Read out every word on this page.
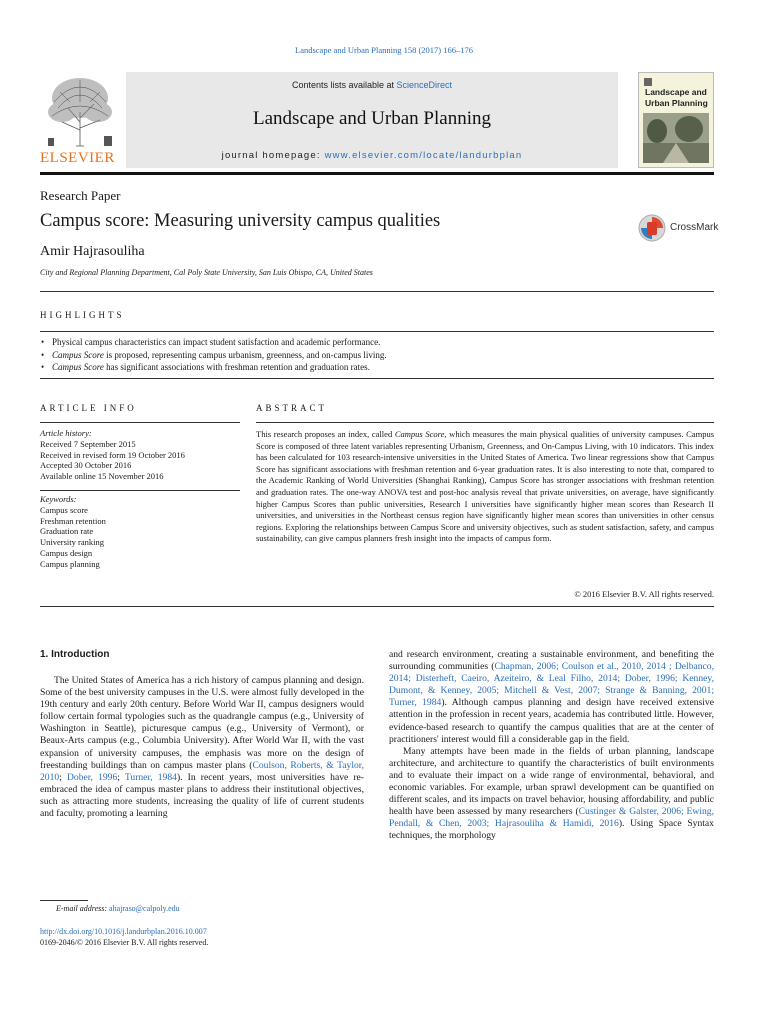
Landscape and Urban Planning 158 (2017) 166–176
ELSEVIER
Contents lists available at ScienceDirect
Landscape and Urban Planning
journal homepage: www.elsevier.com/locate/landurbplan
Landscape and
Urban Planning
Research Paper
Campus score: Measuring university campus qualities	CrossMark
Amir Hajrasouliha
City and Regional Planning Department, Cal Poly State University, San Luis Obispo, CA, United States
HIGHLIGHTS
• Physical campus characteristics can impact student satisfaction and academic performance.
• Campus Score is proposed, representing campus urbanism, greenness, and on-campus living.
• Campus Score has significant associations with freshman retention and graduation rates.
ARTICLE INFO	ABSTRACT
Article history:
Received 7 September 2015
Received in revised form 19 October 2016
Accepted 30 October 2016
Available online 15 November 2016
Keywords:
Campus score
Freshman retention
Graduation rate
University ranking
Campus design
Campus planning
This research proposes an index, called Campus Score, which measures the main physical qualities of university campuses. Campus Score is composed of three latent variables representing Urbanism, Greenness, and On-Campus Living, with 10 indicators. This index has been calculated for 103 research-intensive universities in the United States of America. Two linear regressions show that Campus Score has significant associations with freshman retention and 6-year graduation rates. It is also interesting to note that, compared to the Academic Ranking of World Universities (Shanghai Ranking), Campus Score has stronger associations with freshman retention and graduation rates. The one-way ANOVA test and post-hoc analysis reveal that private universities, on average, have significantly higher Campus Scores than public universities, Research I universities have significantly higher mean scores than Research II universities, and universities in the Northeast census region have significantly higher mean scores than universities in other census regions. Exploring the relationships between Campus Score and university objectives, such as student satisfaction, safety, and campus sustainability, can give campus planners fresh insight into the impacts of campus form.
© 2016 Elsevier B.V. All rights reserved.
1. Introduction

The United States of America has a rich history of campus planning and design. Some of the best university campuses in the U.S. were almost fully developed in the 19th century and early 20th century. Before World War II, campus designers would follow certain formal typologies such as the quadrangle campus (e.g., University of Washington in Seattle), picturesque campus (e.g., University of Vermont), or Beaux-Arts campus (e.g., Columbia University). After World War II, with the vast expansion of university campuses, the emphasis was more on the design of freestanding buildings than on campus master plans (Coulson, Roberts, & Taylor, 2010; Dober, 1996; Turner, 1984). In recent years, most universities have re-embraced the idea of campus master plans to address their institutional objectives, such as attracting more students, increasing the quality of life of current students and faculty, promoting a learning

and research environment, creating a sustainable environment, and benefiting the surrounding communities (Chapman, 2006; Coulson et al., 2010, 2014 ; Delbanco, 2014; Disterheft, Caeiro, Azeiteiro, & Leal Filho, 2014; Dober, 1996; Kenney, Dumont, & Kenney, 2005; Mitchell & Vest, 2007; Strange & Banning, 2001; Turner, 1984). Although campus planning and design have received extensive attention in the profession in recent years, academia has contributed little. However, evidence-based research to quantify the campus qualities that are at the center of practitioners' interest would fill a considerable gap in the field.

Many attempts have been made in the fields of urban planning, landscape architecture, and architecture to quantify the characteristics of built environments and to evaluate their impact on a wide range of environmental, behavioral, and economic variables. For example, urban sprawl development can be quantified on different scales, and its impacts on travel behavior, housing affordability, and public health have been assessed by many researchers (Custinger & Galster, 2006; Ewing, Pendall, & Chen, 2003; Hajrasouliha & Hamidi, 2016). Using Space Syntax techniques, the morphology

E-mail address: ahajraso@calpoly.edu
http://dx.doi.org/10.1016/j.landurbplan.2016.10.007
0169-2046/© 2016 Elsevier B.V. All rights reserved.
